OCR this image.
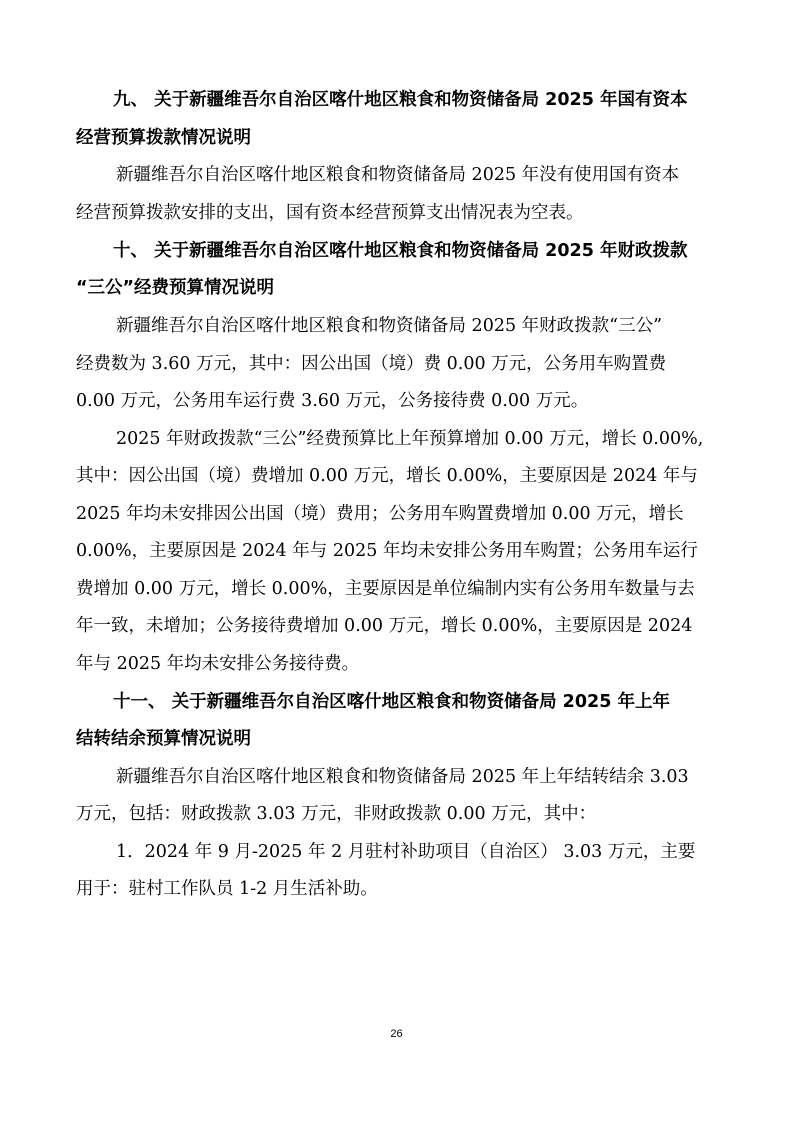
九、 关于新疆维吾尔自治区喀什地区粮食和物资储备局 2025 年国有资本
经营预算拨款情况说明
新疆维吾尔自治区喀什地区粮食和物资储备局 2025 年没有使用国有资本
经营预算拨款安排的支出，国有资本经营预算支出情况表为空表。
十、 关于新疆维吾尔自治区喀什地区粮食和物资储备局 2025 年财政拨款
“三公”经费预算情况说明
新疆维吾尔自治区喀什地区粮食和物资储备局 2025 年财政拨款“三公”
经费数为 3.60 万元，其中：因公出国（境）费 0.00 万元，公务用车购置费
0.00 万元，公务用车运行费 3.60 万元，公务接待费 0.00 万元。
2025 年财政拨款“三公”经费预算比上年预算增加 0.00 万元，增长 0.00%,
其中：因公出国（境）费增加 0.00 万元，增长 0.00%，主要原因是 2024 年与
2025 年均未安排因公出国（境）费用；公务用车购置费增加 0.00 万元，增长
0.00%，主要原因是 2024 年与 2025 年均未安排公务用车购置；公务用车运行
费增加 0.00 万元，增长 0.00%，主要原因是单位编制内实有公务用车数量与去
年一致，未增加；公务接待费增加 0.00 万元，增长 0.00%，主要原因是 2024
年与 2025 年均未安排公务接待费。
十一、 关于新疆维吾尔自治区喀什地区粮食和物资储备局 2025 年上年
结转结余预算情况说明
新疆维吾尔自治区喀什地区粮食和物资储备局 2025 年上年结转结余 3.03
万元，包括：财政拨款 3.03 万元，非财政拨款 0.00 万元，其中：
1．2024 年 9 月-2025 年 2 月驻村补助项目（自治区） 3.03 万元，主要
用于：驻村工作队员 1-2 月生活补助。
26
